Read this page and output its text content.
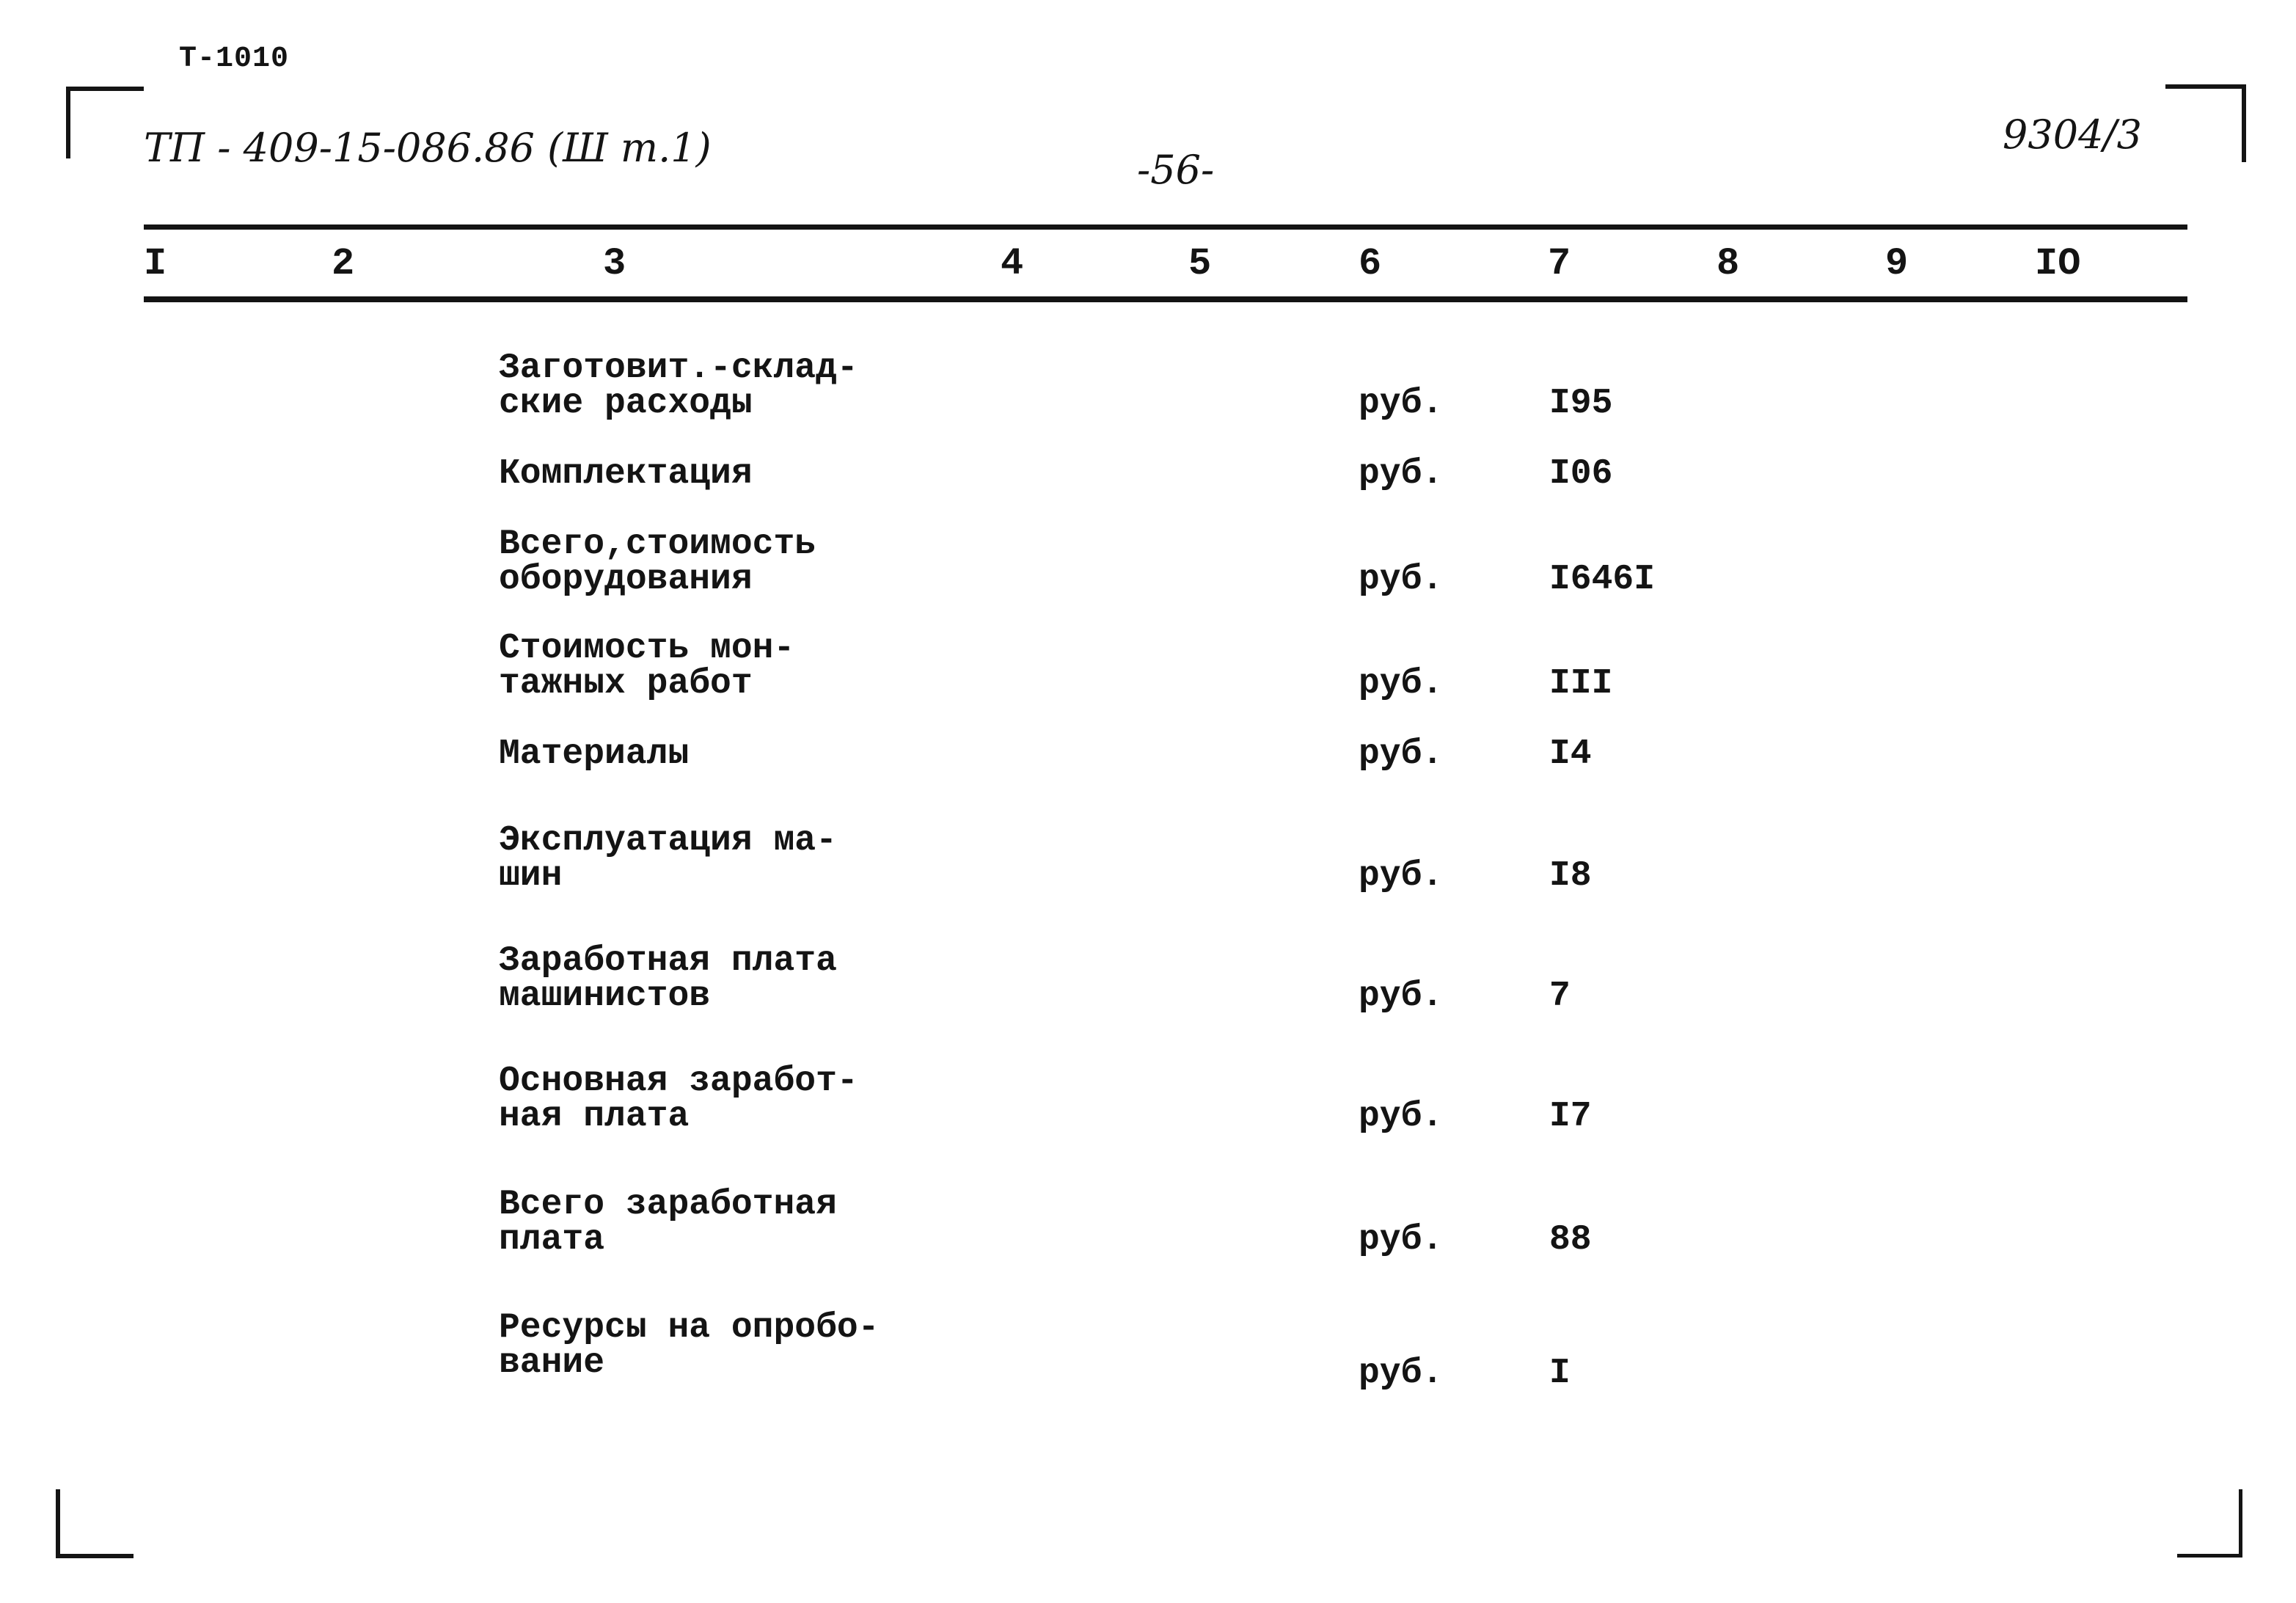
Т-1010
ТП - 409-15-086.86 (Ш т.1)	-56-
9304/3
I	2	3	4	5	6	7	8	9	IO
Заготовит.-склад-
ские расходы	руб.	I95
Комплектация	руб.	I06
Всего,стоимость
оборудования	руб.	I646I
Стоимость мон-
тажных работ	руб.	III
Материалы	руб.	I4
Эксплуатация ма-
шин	руб.	I8
Заработная плата
машинистов	руб.	7
Основная заработ-
ная плата	руб.	I7
Всего заработная
плата	руб.	88
Ресурсы на опробо-
вание	руб.	I
